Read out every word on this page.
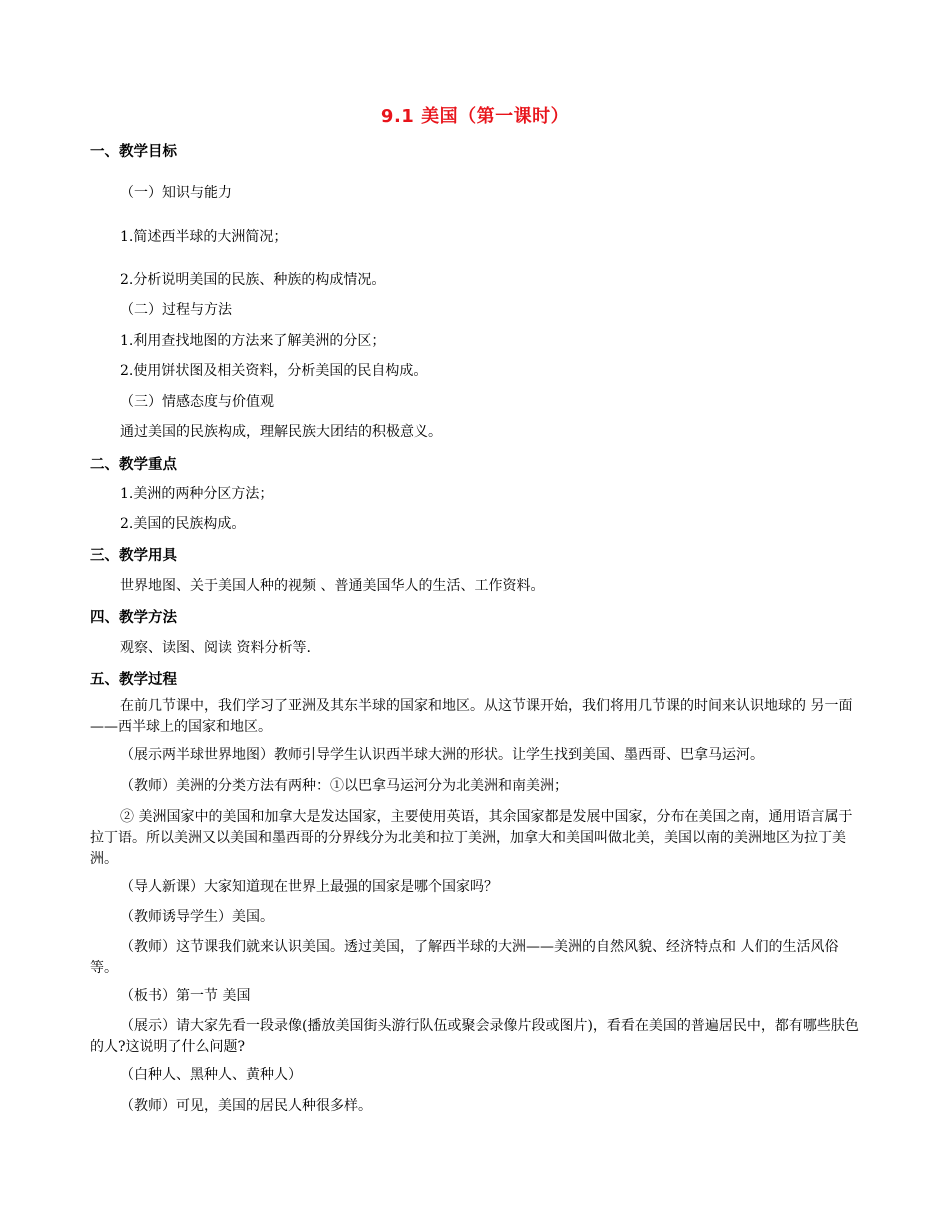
9.1 美国（第一课时）
一、教学目标
（一）知识与能力
1.简述西半球的大洲简况；
2.分析说明美国的民族、种族的构成情况。
（二）过程与方法
1.利用查找地图的方法来了解美洲的分区；
2.使用饼状图及相关资料，分析美国的民自构成。
（三）情感态度与价值观
通过美国的民族构成，理解民族大团结的积极意义。
二、教学重点
1.美洲的两种分区方法；
2.美国的民族构成。
三、教学用具
世界地图、关于美国人种的视频 、普通美国华人的生活、工作资料。
四、教学方法
观察、读图、阅读 资料分析等.
五、教学过程
在前几节课中，我们学习了亚洲及其东半球的国家和地区。从这节课开始，我们将用几节课的时间来认识地球的 另一面——西半球上的国家和地区。
（展示两半球世界地图）教师引导学生认识西半球大洲的形状。让学生找到美国、墨西哥、巴拿马运河。
（教师）美洲的分类方法有两种：①以巴拿马运河分为北美洲和南美洲；
② 美洲国家中的美国和加拿大是发达国家，主要使用英语，其余国家都是发展中国家，分布在美国之南，通用语言属于拉丁语。所以美洲又以美国和墨西哥的分界线分为北美和拉丁美洲，加拿大和美国叫做北美，美国以南的美洲地区为拉丁美洲。
（导人新课）大家知道现在世界上最强的国家是哪个国家吗？
（教师诱导学生）美国。
（教师）这节课我们就来认识美国。透过美国，了解西半球的大洲——美洲的自然风貌、经济特点和 人们的生活风俗等。
（板书）第一节 美国
（展示）请大家先看一段录像(播放美国街头游行队伍或聚会录像片段或图片)，看看在美国的普遍居民中，都有哪些肤色的人?这说明了什么问题?
（白种人、黑种人、黄种人）
（教师）可见，美国的居民人种很多样。
